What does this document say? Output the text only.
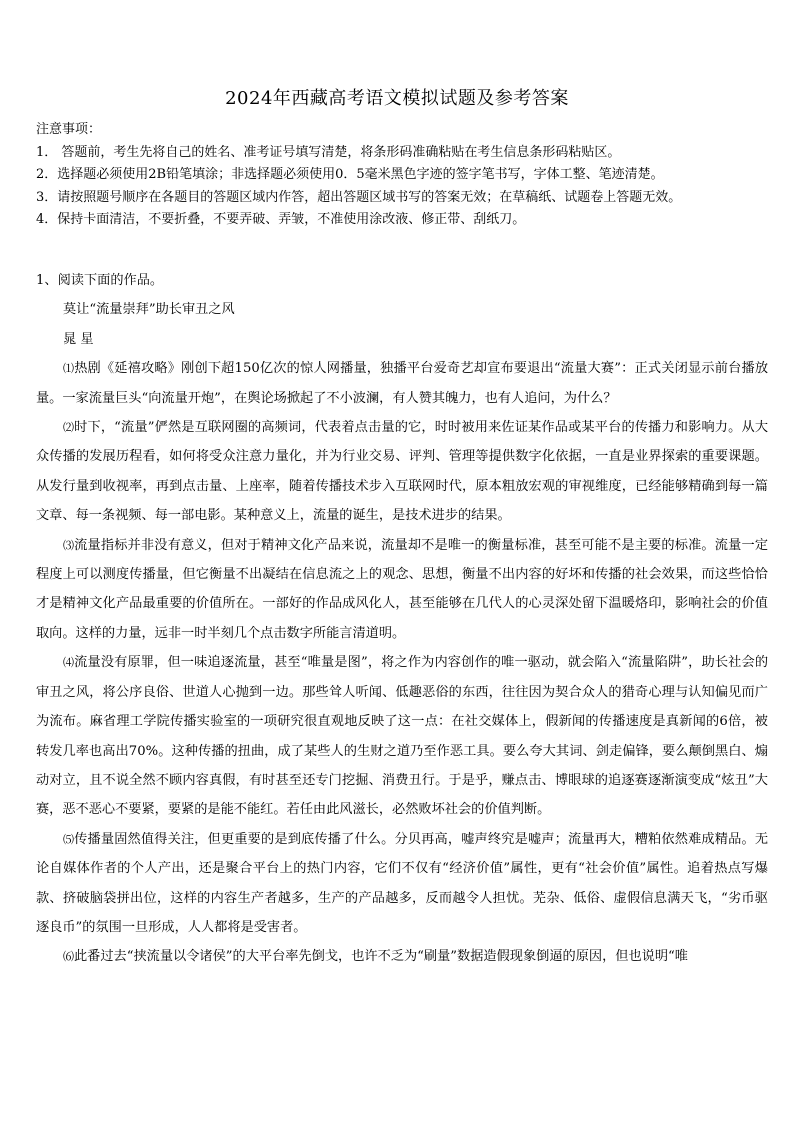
2024年西藏高考语文模拟试题及参考答案
注意事项：
1． 答题前，考生先将自己的姓名、准考证号填写清楚，将条形码准确粘贴在考生信息条形码粘贴区。
2．选择题必须使用2B铅笔填涂；非选择题必须使用0．5毫米黑色字迹的签字笔书写，字体工整、笔迹清楚。
3．请按照题号顺序在各题目的答题区域内作答，超出答题区域书写的答案无效；在草稿纸、试题卷上答题无效。
4．保持卡面清洁，不要折叠，不要弄破、弄皱，不准使用涂改液、修正带、刮纸刀。
1、阅读下面的作品。
莫让“流量崇拜”助长审丑之风
晁 星

⑴热剧《延禧攻略》刚创下超150亿次的惊人网播量，独播平台爱奇艺却宣布要退出“流量大赛”：正式关闭显示前台播放量。一家流量巨头“向流量开炮”，在舆论场掀起了不小波澜，有人赞其魄力，也有人追问，为什么？

⑵时下，“流量”俨然是互联网圈的高频词，代表着点击量的它，时时被用来佐证某作品或某平台的传播力和影响力。从大众传播的发展历程看，如何将受众注意力量化，并为行业交易、评判、管理等提供数字化依据，一直是业界探索的重要课题。从发行量到收视率，再到点击量、上座率，随着传播技术步入互联网时代，原本粗放宏观的审视维度，已经能够精确到每一篇文章、每一条视频、每一部电影。某种意义上，流量的诞生，是技术进步的结果。

⑶流量指标并非没有意义，但对于精神文化产品来说，流量却不是唯一的衡量标准，甚至可能不是主要的标准。流量一定程度上可以测度传播量，但它衡量不出凝结在信息流之上的观念、思想，衡量不出内容的好坏和传播的社会效果，而这些恰恰才是精神文化产品最重要的价值所在。一部好的作品成风化人，甚至能够在几代人的心灵深处留下温暖烙印，影响社会的价值取向。这样的力量，远非一时半刻几个点击数字所能言清道明。

⑷流量没有原罪，但一味追逐流量，甚至“唯量是图”，将之作为内容创作的唯一驱动，就会陷入“流量陷阱”，助长社会的审丑之风，将公序良俗、世道人心抛到一边。那些耸人听闻、低趣恶俗的东西，往往因为契合众人的猎奇心理与认知偏见而广为流布。麻省理工学院传播实验室的一项研究很直观地反映了这一点：在社交媒体上，假新闻的传播速度是真新闻的6倍，被转发几率也高出70%。这种传播的扭曲，成了某些人的生财之道乃至作恶工具。要么夸大其词、剑走偏锋，要么颠倒黑白、煽动对立，且不说全然不顾内容真假，有时甚至还专门挖掘、消费丑行。于是乎，赚点击、博眼球的追逐赛逐渐演变成“炫丑”大赛，恶不恶心不要紧，要紧的是能不能红。若任由此风滋长，必然败坏社会的价值判断。

⑸传播量固然值得关注，但更重要的是到底传播了什么。分贝再高，嘘声终究是嘘声；流量再大，糟粕依然难成精品。无论自媒体作者的个人产出，还是聚合平台上的热门内容，它们不仅有“经济价值”属性，更有“社会价值”属性。追着热点写爆款、挤破脑袋拼出位，这样的内容生产者越多，生产的产品越多，反而越令人担忧。芜杂、低俗、虚假信息满天飞，“劣币驱逐良币”的氛围一旦形成，人人都将是受害者。

⑹此番过去“挟流量以令诸侯”的大平台率先倒戈，也许不乏为“刷量”数据造假现象倒逼的原因，但也说明“唯
